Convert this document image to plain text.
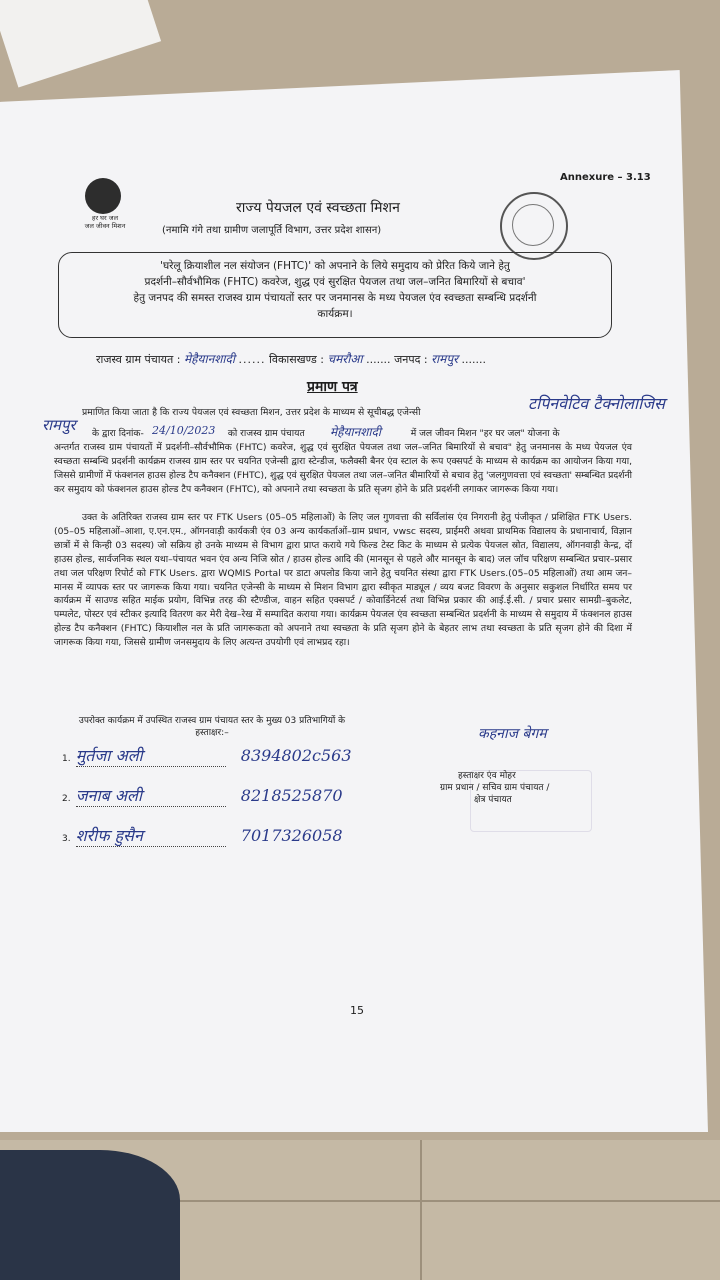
Annexure – 3.13
हर घर जल
जल जीवन मिशन
राज्य पेयजल एवं स्वच्छता मिशन
(नमामि गंगे तथा ग्रामीण जलापूर्ति विभाग, उत्तर प्रदेश शासन)
'घरेलू क्रियाशील नल संयोजन (FHTC)' को अपनाने के लिये समुदाय को प्रेरित किये जाने हेतु
प्रदर्शनी–सौर्वभौमिक (FHTC) कवरेज, शुद्ध एवं सुरक्षित पेयजल तथा जल–जनित बिमारियों से बचाव'
हेतु जनपद की समस्त राजस्व ग्राम पंचायतों स्तर पर जनमानस के मध्य पेयजल एंव स्वच्छता सम्बन्धि प्रदर्शनी
कार्यक्रम।
राजस्व ग्राम पंचायत : मेहैयानशादी ...... विकासखण्ड : चमरौआ ....... जनपद : रामपुर .......
प्रमाण पत्र
प्रमाणित किया जाता है कि राज्य पेयजल एवं स्वच्छता मिशन, उत्तर प्रदेश के माध्यम से सूचीबद्ध एजेन्सी	टपिनवेटिव टैक्नोलाजिस
रामपुर के द्वारा दिनांक-	को राजस्व ग्राम पंचायत	में जल जीवन मिशन "हर घर जल" योजना के
24/10/2023	मेहैयानशादी
अन्तर्गत राजस्व ग्राम पंचायतों में प्रदर्शनी–सौर्वभौमिक (FHTC) कवरेज, शुद्ध एवं सुरक्षित पेयजल तथा जल–जनित बिमारियों से बचाव" हेतु जनमानस के मध्य पेयजल एंव स्वच्छता सम्बन्धि प्रदर्शनी कार्यक्रम राजस्व ग्राम स्तर पर चयनित एजेन्सी द्वारा स्टेन्डीज, फलैक्सी बैनर एंव स्टाल के रूप एक्सपर्ट के माध्यम से कार्यक्रम का आयोजन किया गया, जिससे ग्रामीणों में फंक्शनल हाउस होल्ड टैप कनैक्शन (FHTC), शुद्ध एवं सुरक्षित पेयजल तथा जल–जनित बीमारियों से बचाव हेतु 'जलगुणवत्ता एवं स्वच्छता' सम्बन्धित प्रदर्शनी कर समुदाय को फंक्शनल हाउस होल्ड टैप कनैक्शन (FHTC), को अपनाने तथा स्वच्छता के प्रति सृजग होने के प्रति प्रदर्शनी लगाकर जागरूक किया गया।
उक्त के अतिरिक्त राजस्व ग्राम स्तर पर FTK Users (05–05 महिलाओं) के लिए जल गुणवत्ता की सर्विलांस एंव निगरानी हेतु पंजीकृत / प्रशिक्षित FTK Users.(05–05 महिलाओं–आशा, ए.एन.एम., ऑगनवाड़ी कार्यकत्री एंव 03 अन्य कार्यकर्ताओं–ग्राम प्रधान, vwsc सदस्य, प्राईमरी अथवा प्राथमिक विद्यालय के प्रधानाचार्य, विज्ञान छात्रों में से किन्ही 03 सदस्य) जो सक्रिय हो उनके माध्यम से विभाग द्वारा प्राप्त कराये गये फिल्ड टेस्ट किट के माध्यम से प्रत्येक पेयजल स्रोत, विद्यालय, ऑगनवाड़ी केन्द्र, दों हाउस होल्ड, सार्वजनिक स्थल यथा–पंचायत भवन एंव अन्य निजि स्रोत / हाउस होल्ड आदि की (मानसून से पहले और मानसून के बाद) जल जॉच परिक्षण सम्बन्धित प्रचार–प्रसार तथा जल परिक्षण रिपोर्ट को FTK Users. द्वारा WQMIS Portal पर डाटा अपलोड किया जाने हेतु चयनित संस्था द्वारा FTK Users.(05–05 महिलाओं) तथा आम जन–मानस में व्यापक स्तर पर जागरूक किया गया। चयनित एजेन्सी के माध्यम से मिशन विभाग द्वारा स्वीकृत माड्यूल / व्यय बजट विवरण के अनुसार सकुशल निर्धारित समय पर कार्यक्रम में साउण्ड सहित माईक प्रयोग, विभिन्न तरह की स्टैण्डीज, वाहन सहित एक्सपर्ट / कोवार्डिनेटर्स तथा विभिन्न प्रकार की आई.ई.सी. / प्रचार प्रसार सामग्री–बुकलेट, पम्पलेट, पोस्टर एवं स्टीकर इत्यादि वितरण कर मेरी देख–रेख में सम्पादित कराया गया। कार्यक्रम पेयजल एंव स्वच्छता सम्बन्धित प्रदर्शनी के माध्यम से समुदाय में फंक्शनल हाउस होल्ड टैप कनैक्शन (FHTC) कियाशील नल के प्रति जागरूकता को अपनाने तथा स्वच्छता के प्रति सृजग होने के बेहतर लाभ तथा स्वच्छता के प्रति सृजग होने की दिशा में जागरूक किया गया, जिससे ग्रामीण जनसमुदाय के लिए अत्यन्त उपयोगी एवं लाभप्रद रहा।
उपरोक्त कार्यक्रम में उपस्थित राजस्व ग्राम पंचायत स्तर के मुख्य 03 प्रतिभागियों के हस्ताक्षर:–
1. मुर्तजा अली	8394802c563
2. जनाब अली	8218525870
3. शरीफ हुसैन	7017326058
कहनाज बेगम
हस्ताक्षर एंव मोहर
ग्राम प्रधान / सचिव ग्राम पंचायत /
क्षेत्र पंचायत
15
